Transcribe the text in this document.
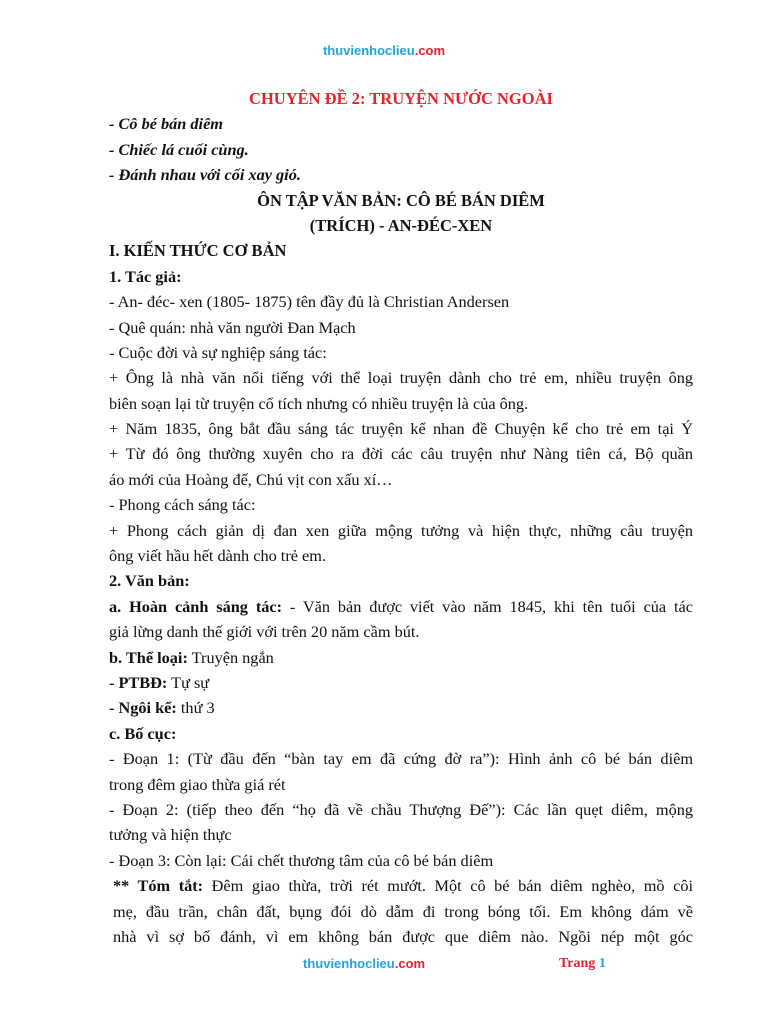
thuvienhoclieu.com
CHUYÊN ĐỀ 2: TRUYỆN NƯỚC NGOÀI
- Cô bé bán diêm
- Chiếc lá cuối cùng.
- Đánh nhau với cối xay gió.
ÔN TẬP VĂN BẢN: CÔ BÉ BÁN DIÊM
(TRÍCH) - AN-ĐÉC-XEN
I. KIẾN THỨC CƠ BẢN
1. Tác giả:
- An- đéc- xen (1805- 1875) tên đầy đủ là Christian Andersen
- Quê quán: nhà văn người Đan Mạch
- Cuộc đời và sự nghiệp sáng tác:
+ Ông là nhà văn nổi tiếng với thể loại truyện dành cho trẻ em, nhiều truyện ông
biên soạn lại từ truyện cổ tích nhưng có nhiều truyện là của ông.
+ Năm 1835, ông bắt đầu sáng tác truyện kể nhan đề Chuyện kể cho trẻ em tại Ý
+ Từ đó ông thường xuyên cho ra đời các câu truyện như Nàng tiên cá, Bộ quần
áo mới của Hoàng đế, Chú vịt con xấu xí…
- Phong cách sáng tác:
+ Phong cách giản dị đan xen giữa mộng tưởng và hiện thực, những câu truyện
ông viết hầu hết dành cho trẻ em.
2. Văn bản:
a. Hoàn cảnh sáng tác: - Văn bản được viết vào năm 1845, khi tên tuổi của tác
giả lừng danh thế giới với trên 20 năm cầm bút.
b. Thể loại: Truyện ngắn
- PTBĐ: Tự sự
- Ngôi kể: thứ 3
c. Bố cục:
- Đoạn 1: (Từ đầu đến “bàn tay em đã cứng đờ ra”): Hình ảnh cô bé bán diêm
trong đêm giao thừa giá rét
- Đoạn 2: (tiếp theo đến “họ đã về chầu Thượng Đế”): Các lần quẹt diêm, mộng
tưởng và hiện thực
- Đoạn 3: Còn lại: Cái chết thương tâm của cô bé bán diêm
** Tóm tắt: Đêm giao thừa, trời rét mướt. Một cô bé bán diêm nghèo, mồ côi
mẹ, đầu trần, chân đất, bụng đói dò dẫm đi trong bóng tối. Em không dám về
nhà vì sợ bố đánh, vì em không bán được que diêm nào. Ngồi nép một góc
thuvienhoclieu.com	Trang 1
